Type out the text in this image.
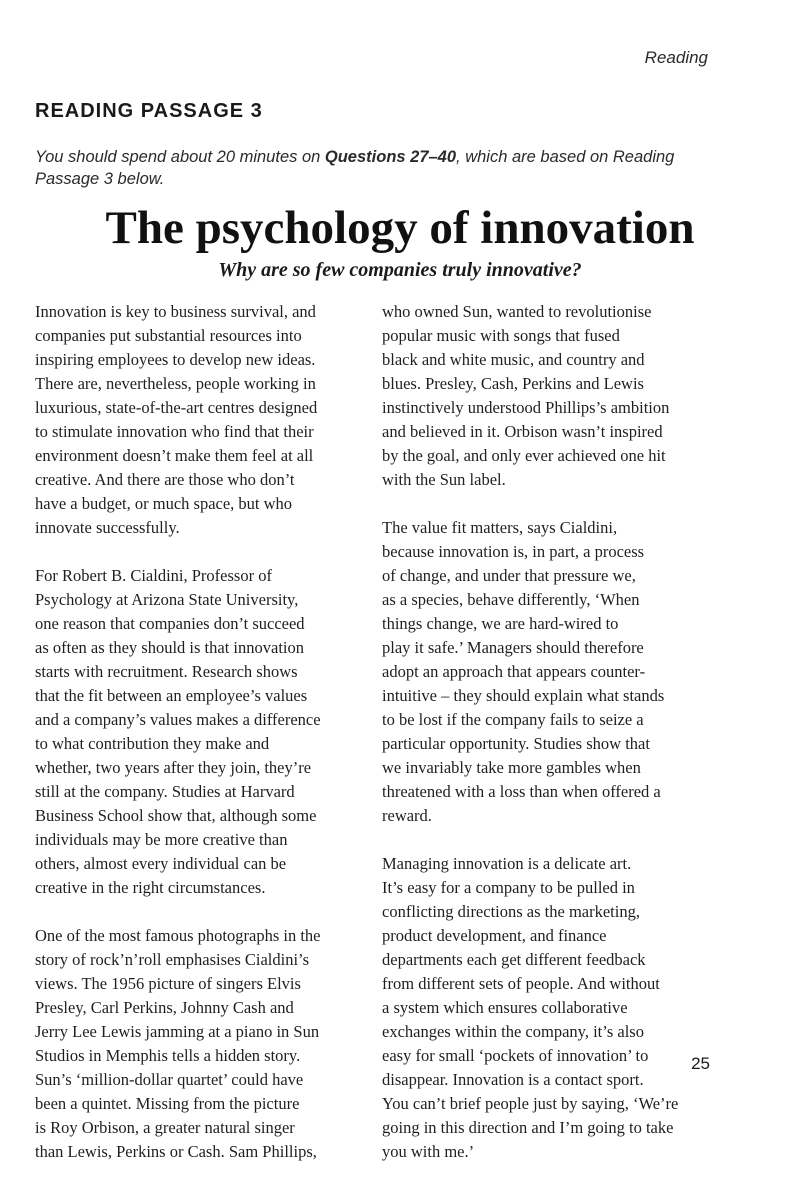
Reading
READING PASSAGE 3
You should spend about 20 minutes on Questions 27–40, which are based on Reading
Passage 3 below.
The psychology of innovation
Why are so few companies truly innovative?

Innovation is key to business survival, and
companies put substantial resources into
inspiring employees to develop new ideas.
There are, nevertheless, people working in
luxurious, state-of-the-art centres designed
to stimulate innovation who find that their
environment doesn’t make them feel at all
creative. And there are those who don’t
have a budget, or much space, but who
innovate successfully.

For Robert B. Cialdini, Professor of
Psychology at Arizona State University,
one reason that companies don’t succeed
as often as they should is that innovation
starts with recruitment. Research shows
that the fit between an employee’s values
and a company’s values makes a difference
to what contribution they make and
whether, two years after they join, they’re
still at the company. Studies at Harvard
Business School show that, although some
individuals may be more creative than
others, almost every individual can be
creative in the right circumstances.

One of the most famous photographs in the
story of rock’n’roll emphasises Cialdini’s
views. The 1956 picture of singers Elvis
Presley, Carl Perkins, Johnny Cash and
Jerry Lee Lewis jamming at a piano in Sun
Studios in Memphis tells a hidden story.
Sun’s ‘million-dollar quartet’ could have
been a quintet. Missing from the picture
is Roy Orbison, a greater natural singer
than Lewis, Perkins or Cash. Sam Phillips,

who owned Sun, wanted to revolutionise
popular music with songs that fused
black and white music, and country and
blues. Presley, Cash, Perkins and Lewis
instinctively understood Phillips’s ambition
and believed in it. Orbison wasn’t inspired
by the goal, and only ever achieved one hit
with the Sun label.

The value fit matters, says Cialdini,
because innovation is, in part, a process
of change, and under that pressure we,
as a species, behave differently, ‘When
things change, we are hard-wired to
play it safe.’ Managers should therefore
adopt an approach that appears counter-
intuitive – they should explain what stands
to be lost if the company fails to seize a
particular opportunity. Studies show that
we invariably take more gambles when
threatened with a loss than when offered a
reward.

Managing innovation is a delicate art.
It’s easy for a company to be pulled in
conflicting directions as the marketing,
product development, and finance
departments each get different feedback
from different sets of people. And without
a system which ensures collaborative
exchanges within the company, it’s also
easy for small ‘pockets of innovation’ to
disappear. Innovation is a contact sport.
You can’t brief people just by saying, ‘We’re
going in this direction and I’m going to take
you with me.’

25
